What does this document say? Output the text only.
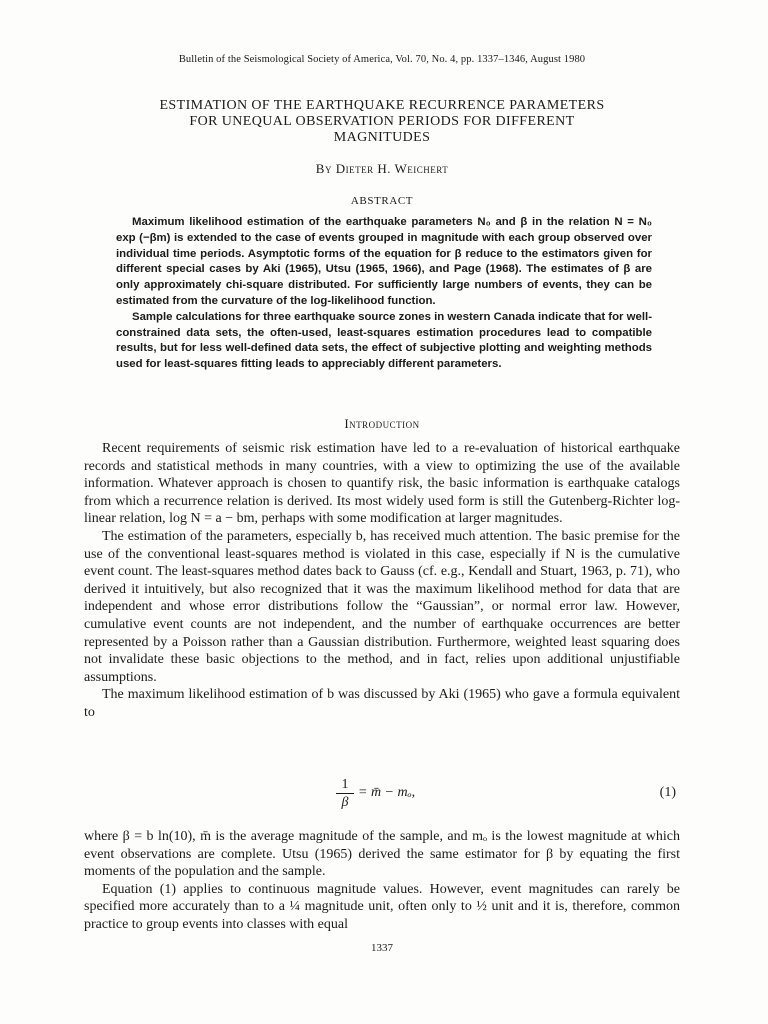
Bulletin of the Seismological Society of America, Vol. 70, No. 4, pp. 1337–1346, August 1980
ESTIMATION OF THE EARTHQUAKE RECURRENCE PARAMETERS
FOR UNEQUAL OBSERVATION PERIODS FOR DIFFERENT
MAGNITUDES
By Dieter H. Weichert
ABSTRACT

Maximum likelihood estimation of the earthquake parameters N₀ and β in the relation N = N₀ exp (−βm) is extended to the case of events grouped in magnitude with each group observed over individual time periods. Asymptotic forms of the equation for β reduce to the estimators given for different special cases by Aki (1965), Utsu (1965, 1966), and Page (1968). The estimates of β are only approximately chi-square distributed. For sufficiently large numbers of events, they can be estimated from the curvature of the log-likelihood function.

Sample calculations for three earthquake source zones in western Canada indicate that for well-constrained data sets, the often-used, least-squares estimation procedures lead to compatible results, but for less well-defined data sets, the effect of subjective plotting and weighting methods used for least-squares fitting leads to appreciably different parameters.

Introduction

Recent requirements of seismic risk estimation have led to a re-evaluation of historical earthquake records and statistical methods in many countries, with a view to optimizing the use of the available information. Whatever approach is chosen to quantify risk, the basic information is earthquake catalogs from which a recurrence relation is derived. Its most widely used form is still the Gutenberg-Richter log-linear relation, log N = a − bm, perhaps with some modification at larger magnitudes.

The estimation of the parameters, especially b, has received much attention. The basic premise for the use of the conventional least-squares method is violated in this case, especially if N is the cumulative event count. The least-squares method dates back to Gauss (cf. e.g., Kendall and Stuart, 1963, p. 71), who derived it intuitively, but also recognized that it was the maximum likelihood method for data that are independent and whose error distributions follow the “Gaussian”, or normal error law. However, cumulative event counts are not independent, and the number of earthquake occurrences are better represented by a Poisson rather than a Gaussian distribution. Furthermore, weighted least squaring does not invalidate these basic objections to the method, and in fact, relies upon additional unjustifiable assumptions.

The maximum likelihood estimation of b was discussed by Aki (1965) who gave a formula equivalent to

$\frac{1}{\beta}$ = m̄ − mₒ,	(1)

where β = b ln(10), m̄ is the average magnitude of the sample, and mₒ is the lowest magnitude at which event observations are complete. Utsu (1965) derived the same estimator for β by equating the first moments of the population and the sample.

Equation (1) applies to continuous magnitude values. However, event magnitudes can rarely be specified more accurately than to a ¼ magnitude unit, often only to ½ unit and it is, therefore, common practice to group events into classes with equal

1337
